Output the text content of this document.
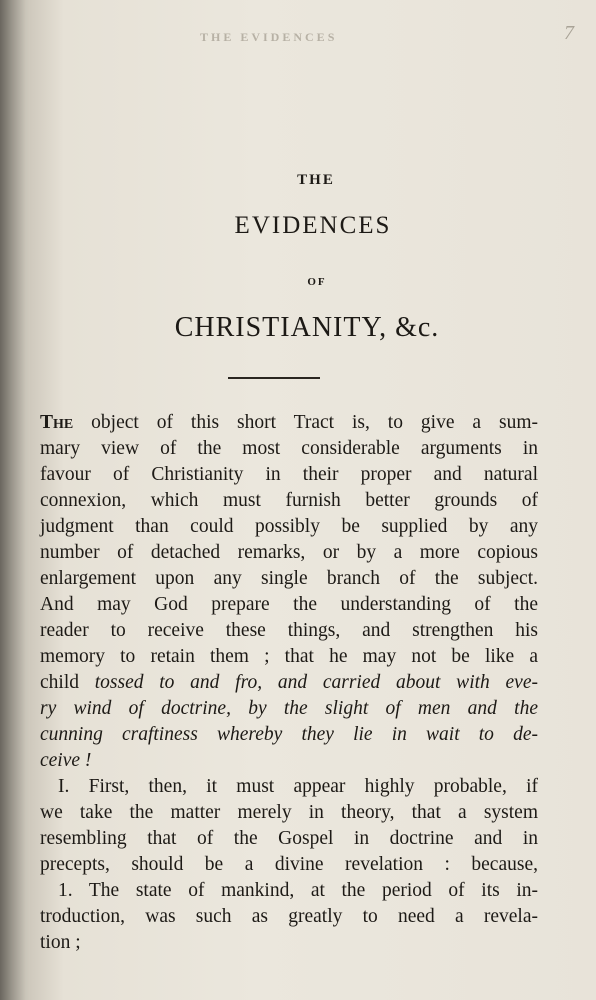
THE EVIDENCES	7
THE
EVIDENCES
OF
CHRISTIANITY, &c.
The object of this short Tract is, to give a sum-
mary view of the most considerable arguments in
favour of Christianity in their proper and natural
connexion, which must furnish better grounds of
judgment than could possibly be supplied by any
number of detached remarks, or by a more copious
enlargement upon any single branch of the subject.
And may God prepare the understanding of the
reader to receive these things, and strengthen his
memory to retain them ; that he may not be like a
child tossed to and fro, and carried about with eve-
ry wind of doctrine, by the slight of men and the
cunning craftiness whereby they lie in wait to de-
ceive !
I. First, then, it must appear highly probable, if
we take the matter merely in theory, that a system
resembling that of the Gospel in doctrine and in
precepts, should be a divine revelation : because,
1. The state of mankind, at the period of its in-
troduction, was such as greatly to need a revela-
tion ;
